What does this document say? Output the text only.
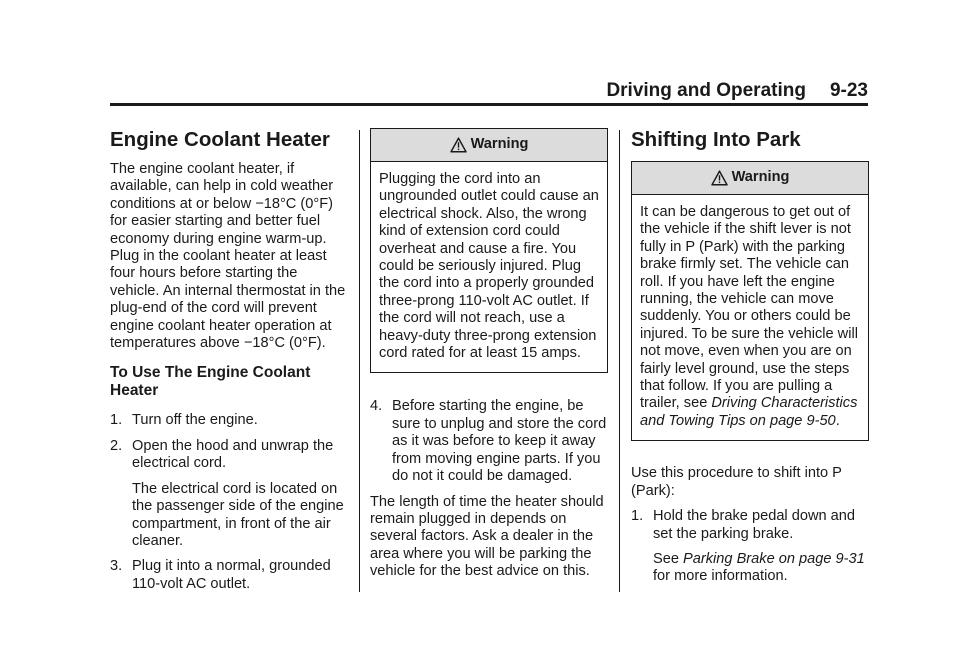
Driving and Operating 9-23
Engine Coolant Heater

The engine coolant heater, if available, can help in cold weather conditions at or below −18°C (0°F) for easier starting and better fuel economy during engine warm-up. Plug in the coolant heater at least four hours before starting the vehicle. An internal thermostat in the plug-end of the cord will prevent engine coolant heater operation at temperatures above −18°C (0°F).

To Use The Engine Coolant Heater
1. Turn off the engine.
2. Open the hood and unwrap the electrical cord.

The electrical cord is located on the passenger side of the engine compartment, in front of the air cleaner.

3. Plug it into a normal, grounded 110-volt AC outlet.
Warning
Plugging the cord into an ungrounded outlet could cause an electrical shock. Also, the wrong kind of extension cord could overheat and cause a fire. You could be seriously injured. Plug the cord into a properly grounded three-prong 110-volt AC outlet. If the cord will not reach, use a heavy-duty three-prong extension cord rated for at least 15 amps.
4. Before starting the engine, be sure to unplug and store the cord as it was before to keep it away from moving engine parts. If you do not it could be damaged.

The length of time the heater should remain plugged in depends on several factors. Ask a dealer in the area where you will be parking the vehicle for the best advice on this.

Shifting Into Park
Warning
It can be dangerous to get out of the vehicle if the shift lever is not fully in P (Park) with the parking brake firmly set. The vehicle can roll. If you have left the engine running, the vehicle can move suddenly. You or others could be injured. To be sure the vehicle will not move, even when you are on fairly level ground, use the steps that follow. If you are pulling a trailer, see Driving Characteristics and Towing Tips on page 9-50.

Use this procedure to shift into P (Park):

1. Hold the brake pedal down and set the parking brake.

See Parking Brake on page 9-31 for more information.
